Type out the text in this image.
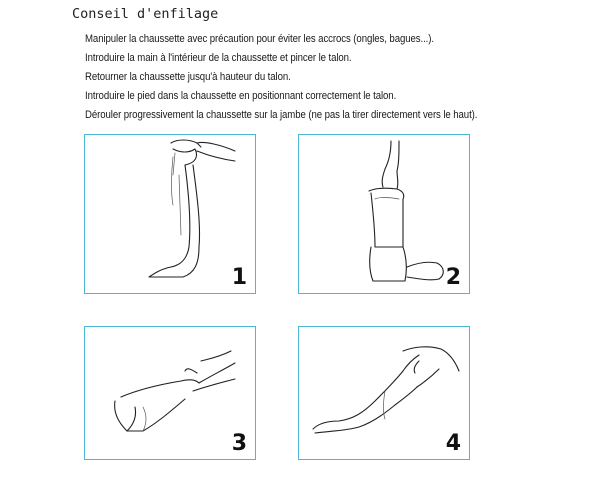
Conseil d'enfilage
Manipuler la chaussette avec précaution pour éviter les accrocs (ongles, bagues...).
Introduire la main à l'intérieur de la chaussette et pincer le talon.
Retourner la chaussette jusqu'à hauteur du talon.
Introduire le pied dans la chaussette en positionnant correctement le talon.
Dérouler progressivement la chaussette sur la jambe (ne pas la tirer directement vers le haut).
1	2
3	4
